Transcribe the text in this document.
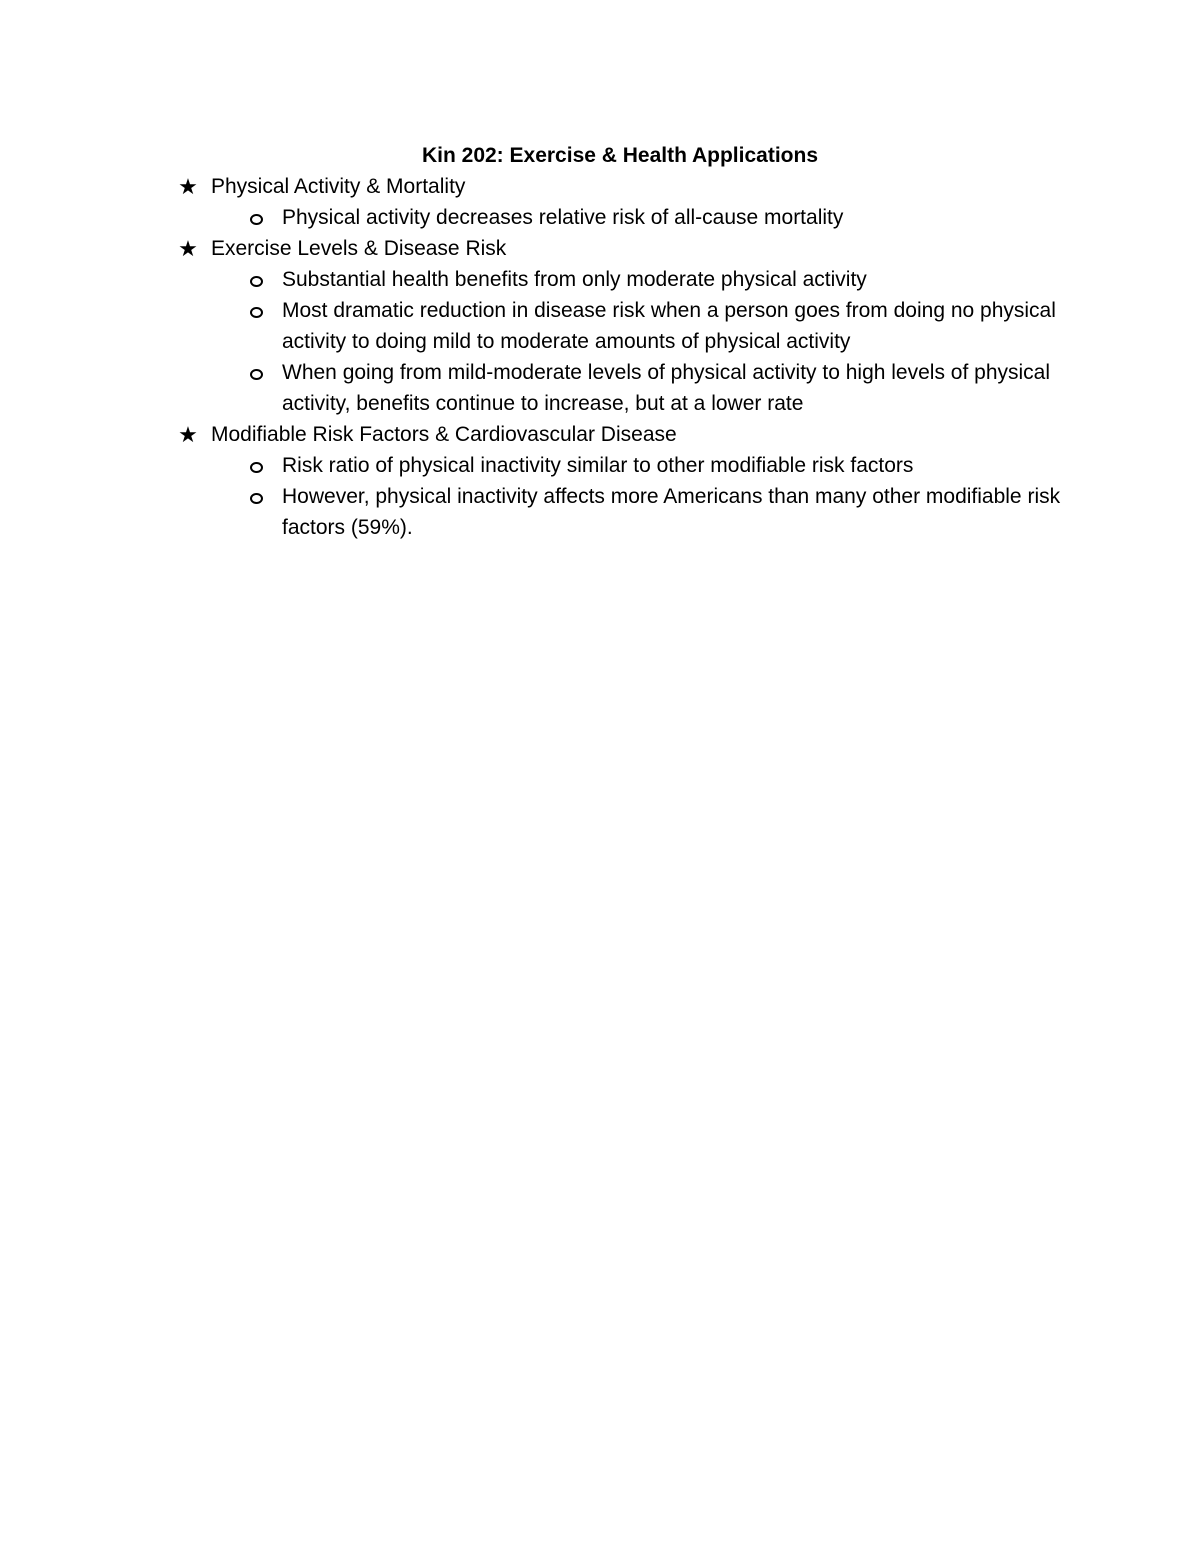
Kin 202: Exercise & Health Applications
★ Physical Activity & Mortality
Physical activity decreases relative risk of all-cause mortality
★ Exercise Levels & Disease Risk
Substantial health benefits from only moderate physical activity
Most dramatic reduction in disease risk when a person goes from doing no physical activity to doing mild to moderate amounts of physical activity
When going from mild-moderate levels of physical activity to high levels of physical activity, benefits continue to increase, but at a lower rate
★ Modifiable Risk Factors & Cardiovascular Disease
Risk ratio of physical inactivity similar to other modifiable risk factors
However, physical inactivity affects more Americans than many other modifiable risk factors (59%).
